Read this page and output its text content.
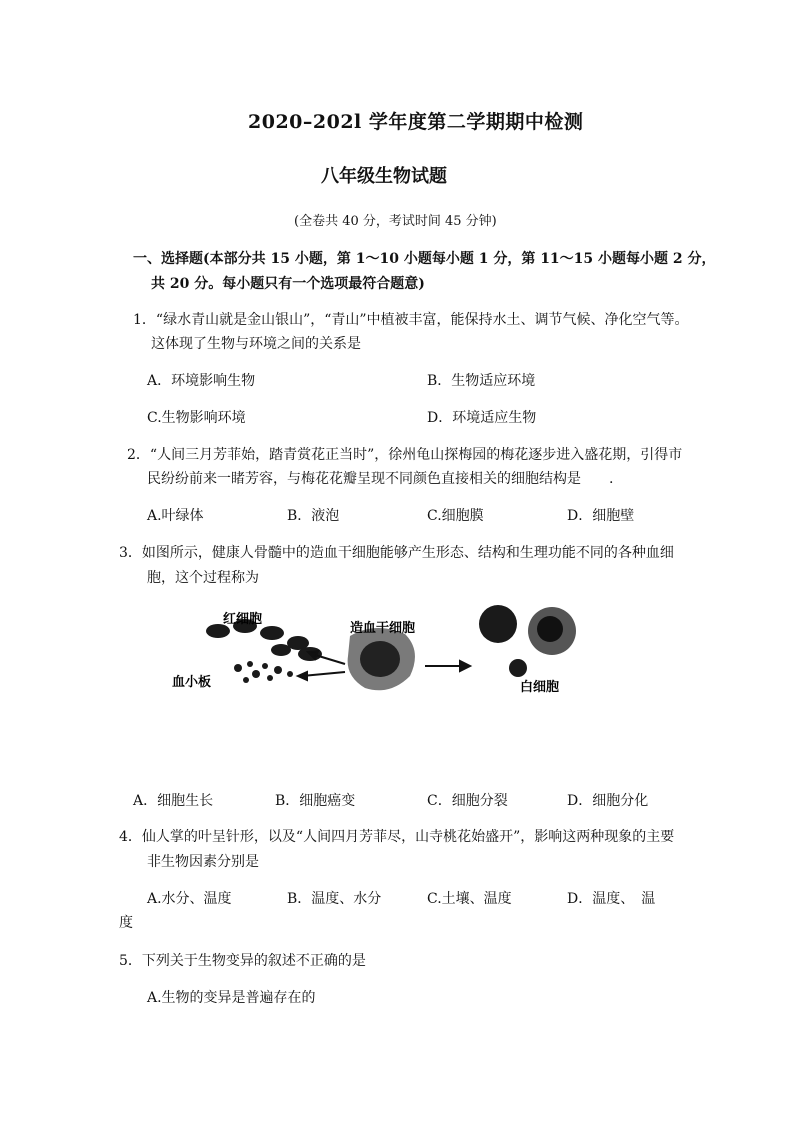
2020–202l 学年度第二学期期中检测
八年级生物试题
(全卷共 40 分，考试时间 45 分钟)
一、选择题(本部分共 15 小题，第 1～10 小题每小题 1 分，第 11～15 小题每小题 2 分，
共 20 分。每小题只有一个选项最符合题意)
1．“绿水青山就是金山银山”，“青山”中植被丰富，能保持水土、调节气候、净化空气等。
这体现了生物与环境之间的关系是
A．环境影响生物	B．生物适应环境
C.生物影响环境	D．环境适应生物
2．“人间三月芳菲始，踏青赏花正当时”，徐州龟山探梅园的梅花逐步进入盛花期，引得市
民纷纷前来一睹芳容，与梅花花瓣呈现不同颜色直接相关的细胞结构是　　.
A.叶绿体	B．液泡	C.细胞膜	D．细胞壁
3．如图所示，健康人骨髓中的造血干细胞能够产生形态、结构和生理功能不同的各种血细
胞，这个过程称为
红细胞
造血干细胞
血小板	白细胞
A．细胞生长	B．细胞癌变	C．细胞分裂	D．细胞分化
4．仙人掌的叶呈针形，以及“人间四月芳菲尽，山寺桃花始盛开”，影响这两种现象的主要
非生物因素分别是
A.水分、温度	B．温度、水分	C.土壤、温度	D．温度、　温
度
5．下列关于生物变异的叙述不正确的是
A.生物的变异是普遍存在的
